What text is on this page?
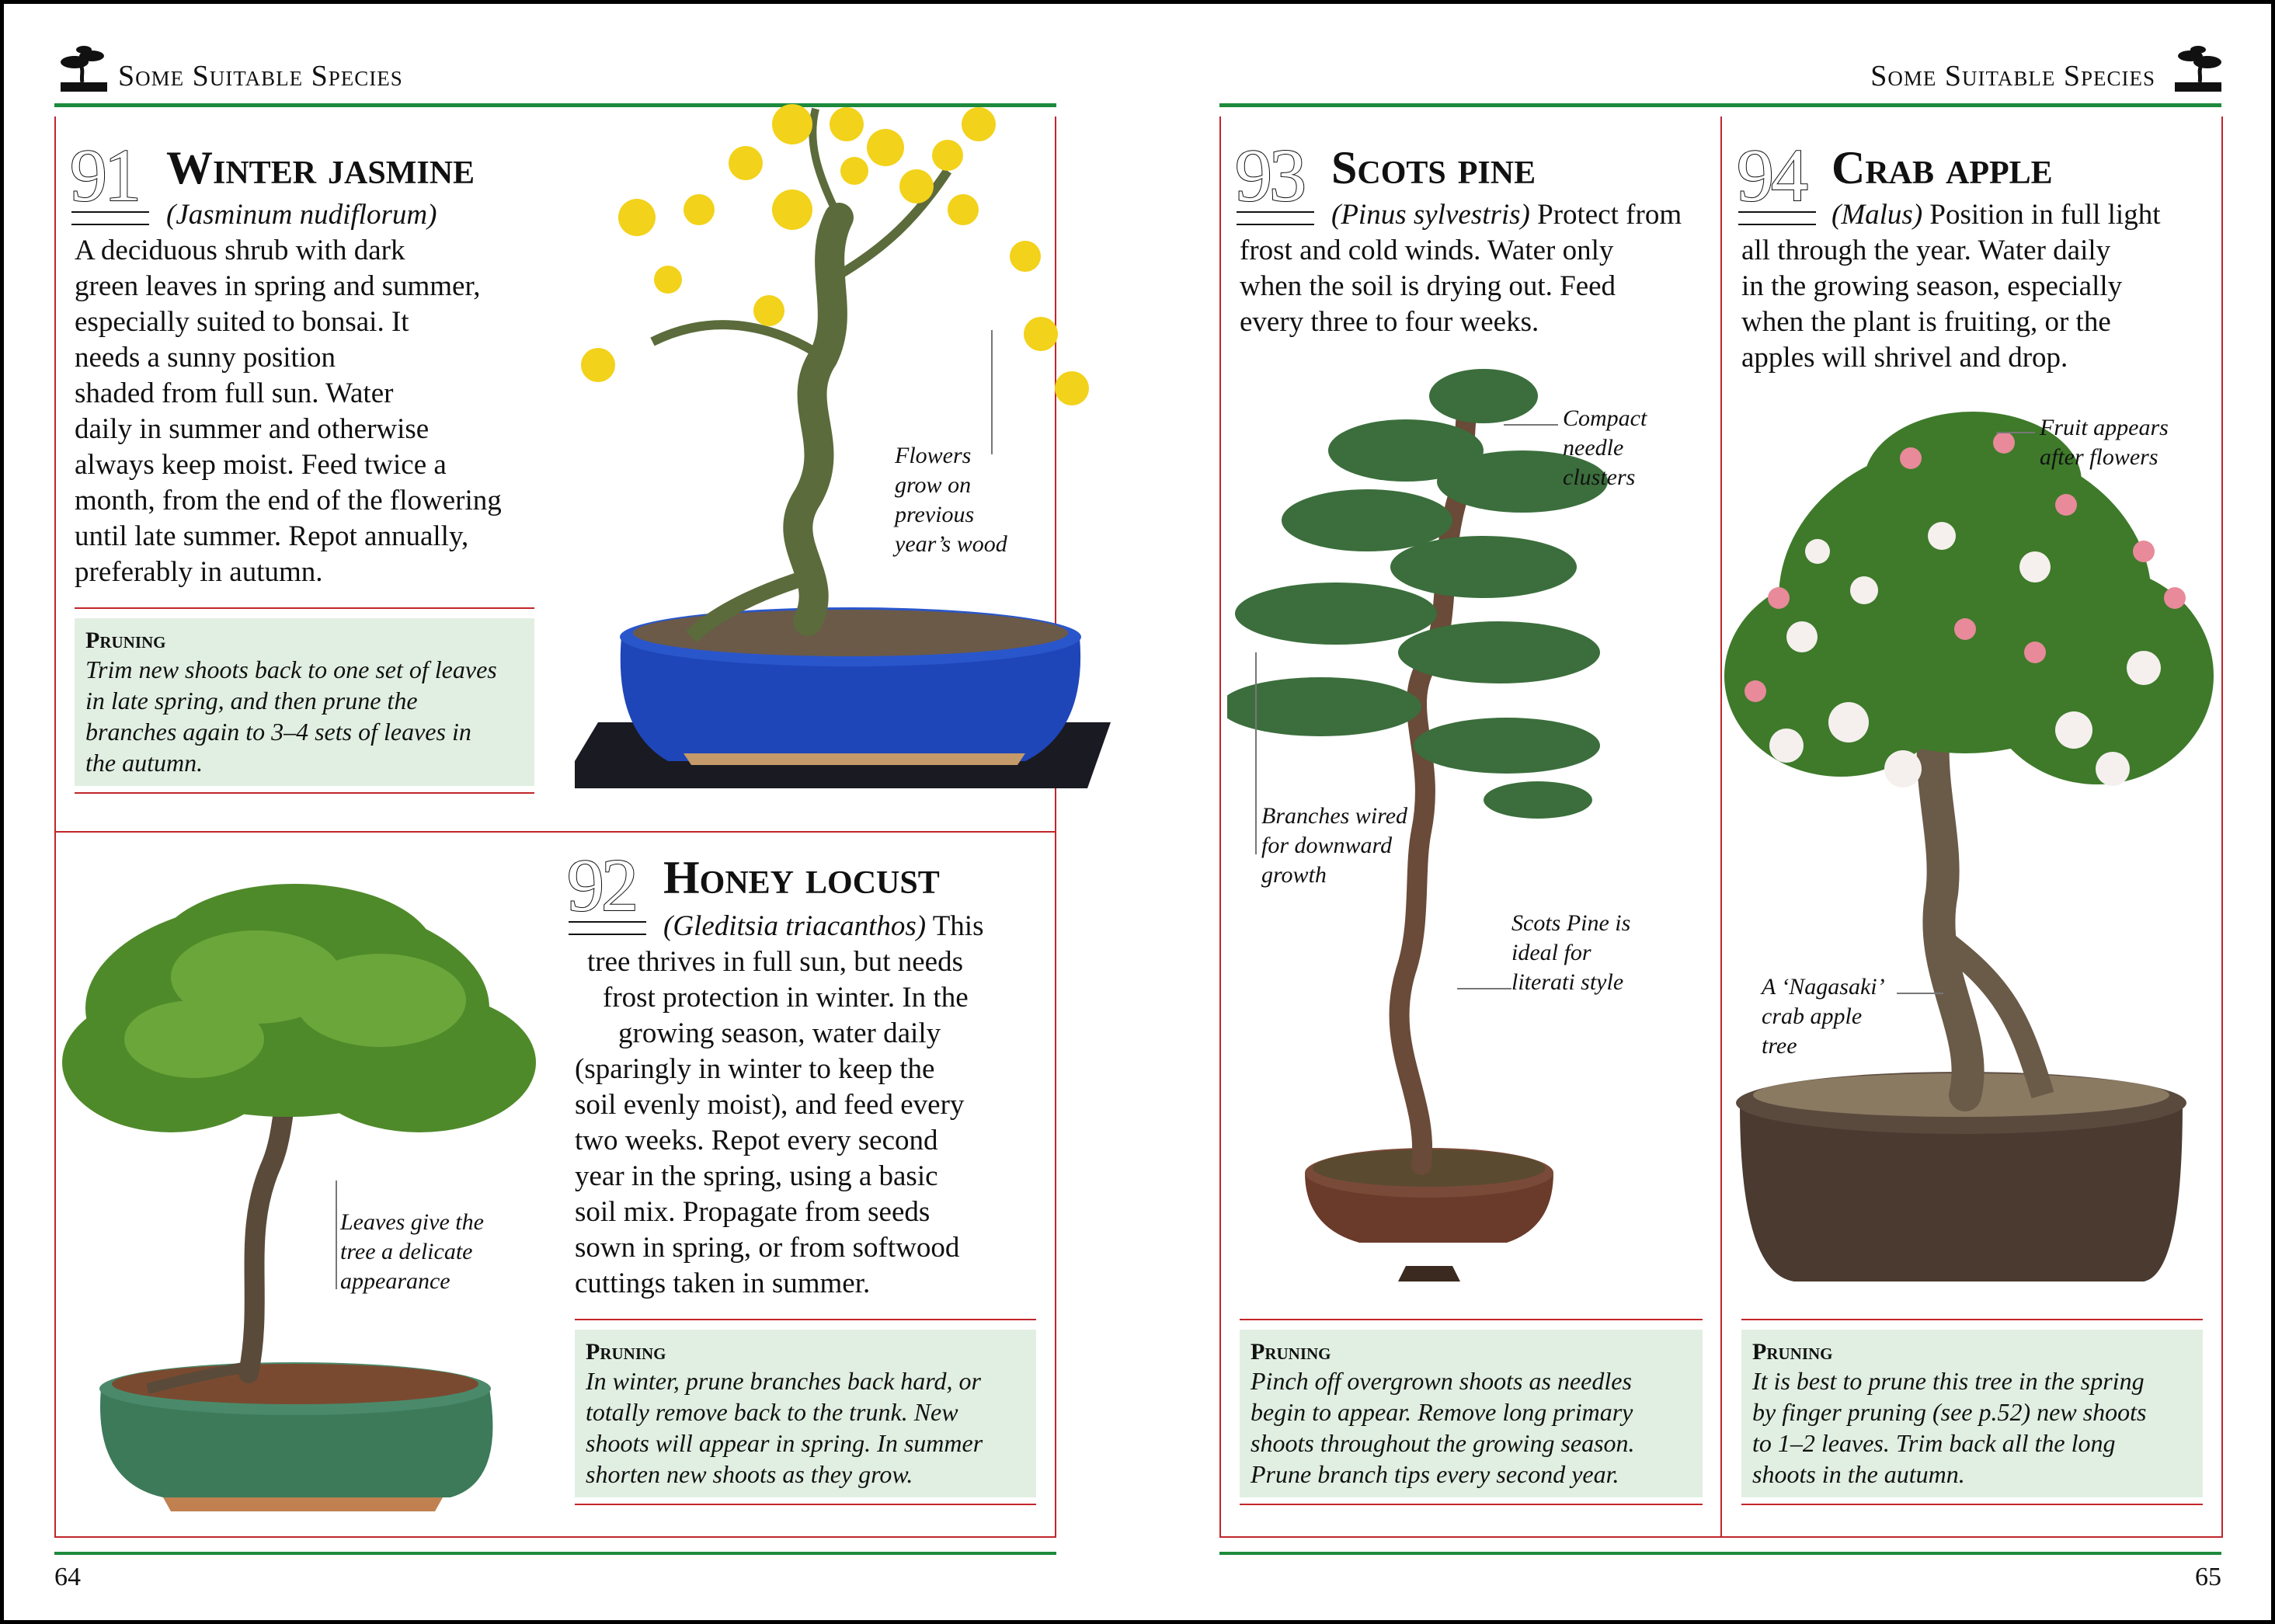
Some Suitable Species	Some Suitable Species
91 Winter jasmine
(Jasminum nudiflorum)
A deciduous shrub with dark
green leaves in spring and summer,
especially suited to bonsai. It
needs a sunny position
shaded from full sun. Water
daily in summer and otherwise
always keep moist. Feed twice a
month, from the end of the flowering
until late summer. Repot annually,
preferably in autumn.
Pruning
Trim new shoots back to one set of leaves
in late spring, and then prune the
branches again to 3–4 sets of leaves in
the autumn.
Flowers
grow on
previous
year’s wood
Leaves give the
tree a delicate
appearance
92 Honey locust
(Gleditsia triacanthos) This
tree thrives in full sun, but needs
frost protection in winter. In the
growing season, water daily
(sparingly in winter to keep the
soil evenly moist), and feed every
two weeks. Repot every second
year in the spring, using a basic
soil mix. Propagate from seeds
sown in spring, or from softwood
cuttings taken in summer.
Pruning
In winter, prune branches back hard, or
totally remove back to the trunk. New
shoots will appear in spring. In summer
shorten new shoots as they grow.
93 Scots pine
(Pinus sylvestris) Protect from
frost and cold winds. Water only
when the soil is drying out. Feed
every three to four weeks.
Compact
needle
clusters
Branches wired
for downward
growth
Scots Pine is
ideal for
literati style
Pruning
Pinch off overgrown shoots as needles
begin to appear. Remove long primary
shoots throughout the growing season.
Prune branch tips every second year.
94 Crab apple
(Malus) Position in full light
all through the year. Water daily
in the growing season, especially
when the plant is fruiting, or the
apples will shrivel and drop.
Fruit appears
after flowers
A ‘Nagasaki’
crab apple
tree
Pruning
It is best to prune this tree in the spring
by finger pruning (see p.52) new shoots
to 1–2 leaves. Trim back all the long
shoots in the autumn.
64	65
